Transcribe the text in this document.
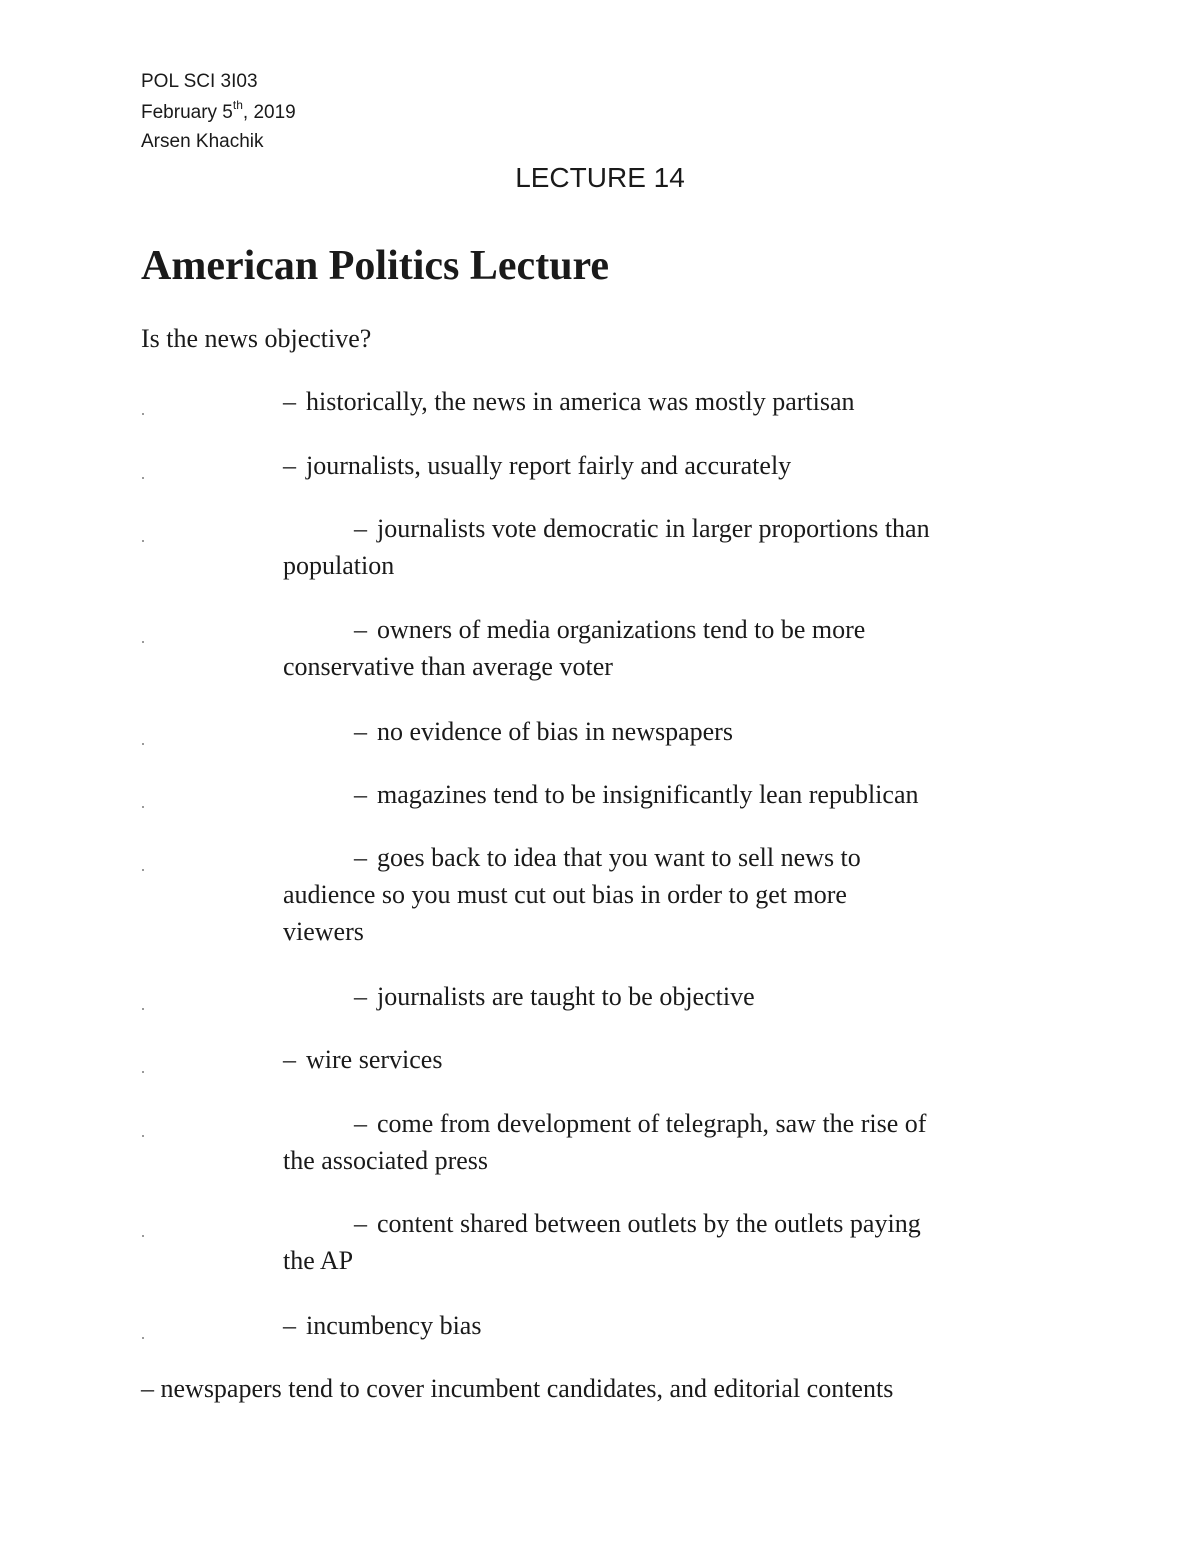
POL SCI 3I03
February 5th, 2019
Arsen Khachik
LECTURE 14
American Politics Lecture
Is the news objective?
– historically, the news in america was mostly partisan
– journalists, usually report fairly and accurately
– journalists vote democratic in larger proportions than
population
– owners of media organizations tend to be more
conservative than average voter
– no evidence of bias in newspapers
– magazines tend to be insignificantly lean republican
– goes back to idea that you want to sell news to
audience so you must cut out bias in order to get more
viewers
– journalists are taught to be objective
– wire services
– come from development of telegraph, saw the rise of
the associated press
– content shared between outlets by the outlets paying
the AP
– incumbency bias
– newspapers tend to cover incumbent candidates, and editorial contents
